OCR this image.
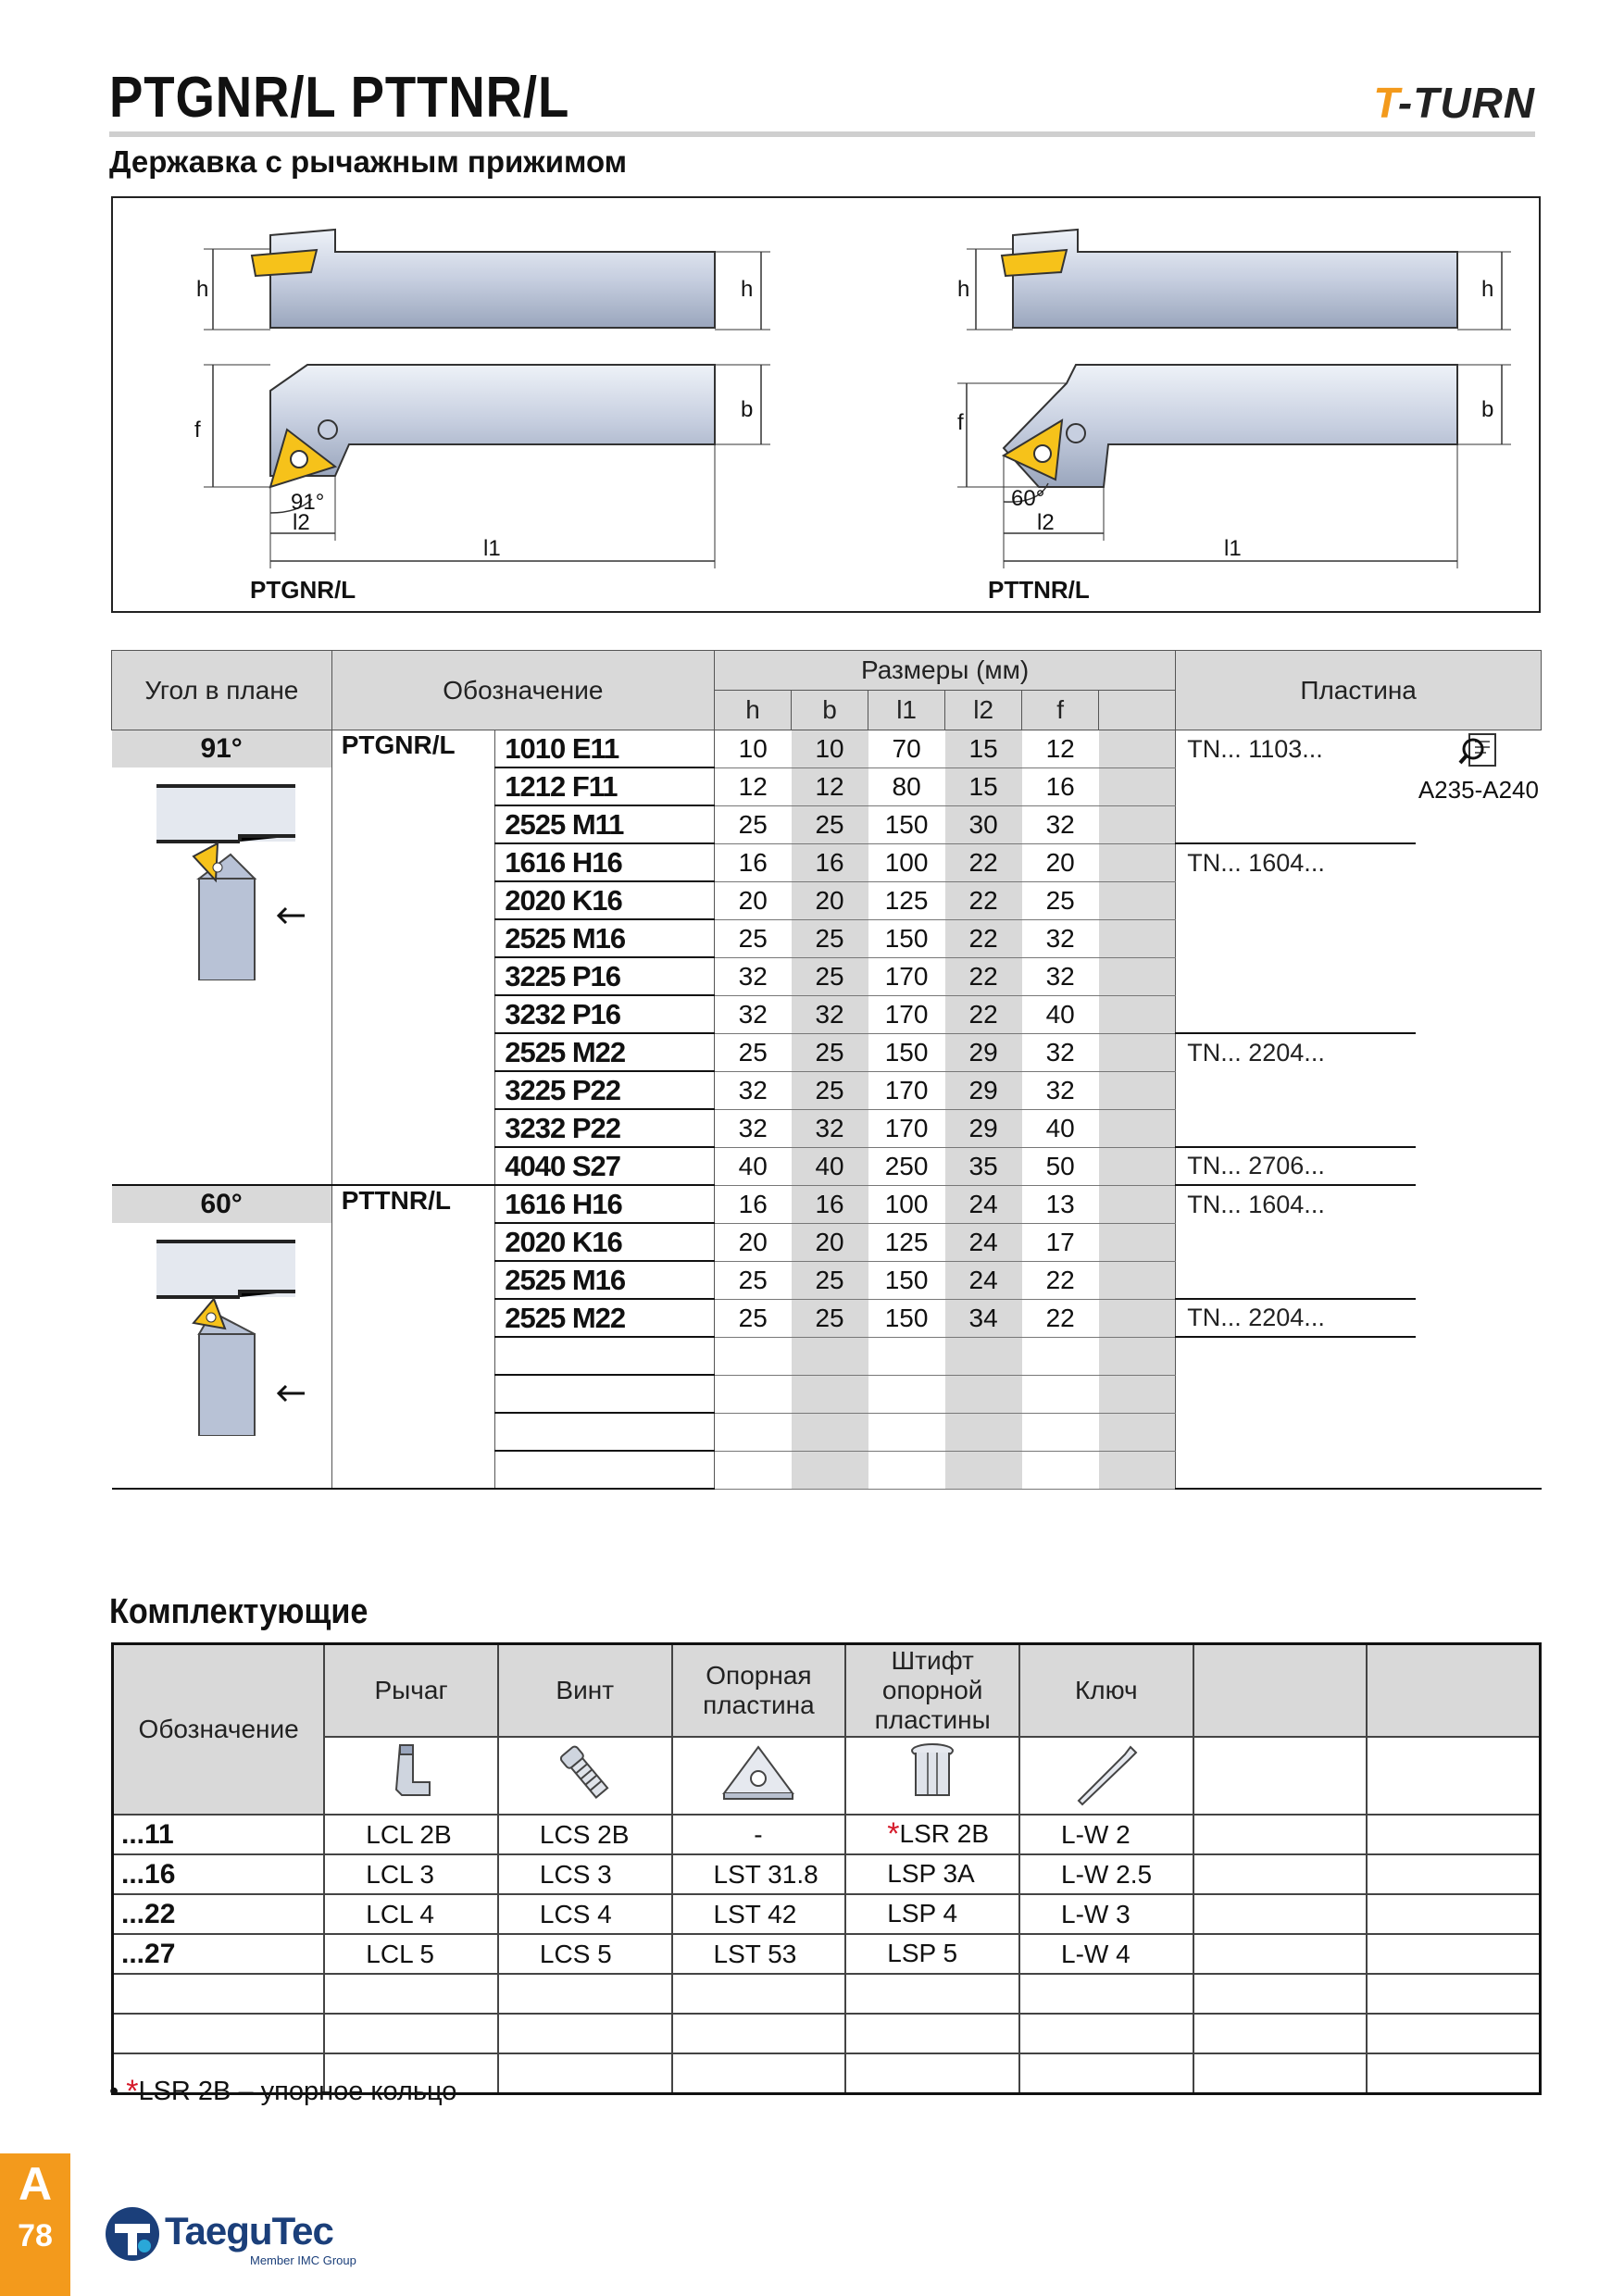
PTGNR/L PTTNR/L	T-TURN
Державка с рычажным прижимом
h	h
f
b
91°
l2
l1
PTGNR/L
h	h
f
b
60°
l2
l1
PTTNR/L
Угол в плане	Обозначение		Размеры (мм)						Пластина	
			h	b	l1	l2	f			
91°	PTGNR/L	1010 E11	10	10	70	15	12		TN... 1103...	A235-A240

	1212 F11	12	12	80	15	16			
		2525 M11	25	25	150	30	32			
		1616 H16	16	16	100	22	20		TN... 1604...	
		2020 K16	20	20	125	22	25			
		2525 M16	25	25	150	22	32			
		3225 P16	32	25	170	22	32			
		3232 P16	32	32	170	22	40			
		2525 M22	25	25	150	29	32		TN... 2204...	
		3225 P22	32	25	170	29	32			
		3232 P22	32	32	170	29	40			
		4040 S27	40	40	250	35	50		TN... 2706...	
60°	PTTNR/L	1616 H16	16	16	100	24	13		TN... 1604...	
	2020 K16	20	20	125	24	17			
		2525 M16	25	25	150	24	22			
		2525 M22	25	25	150	34	22		TN... 2204...	

Комплектующие
Обозначение	Рычаг	Винт	Опорная
пластина	Штифт опорной
пластины	Ключ		

...11	LCL 2B	LCS 2B	-	*LSR 2B	L-W 2		
...16	LCL 3	LCS 3	LST 31.8	LSP 3A	L-W 2.5		
...22	LCL 4	LCS 4	LST 42	LSP 4	L-W 3		
...27	LCL 5	LCS 5	LST 53	LSP 5	L-W 4		

• *LSR 2B – упорное кольцо
A
78	TaeguTec
Member IMC Group
